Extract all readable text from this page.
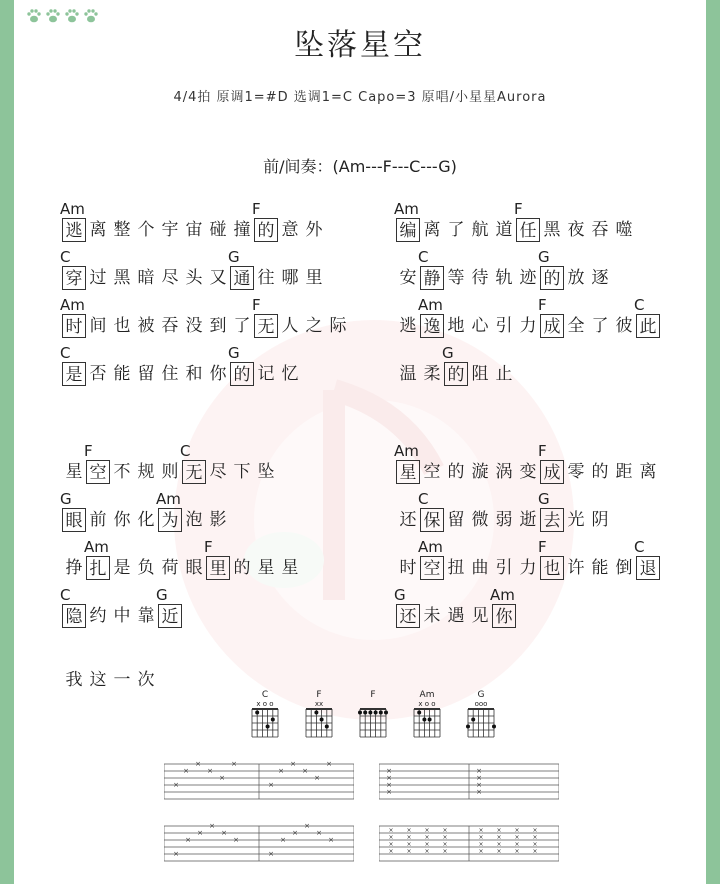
坠落星空
4/4拍 原调1=#D 选调1=C Capo=3 原唱/小星星Aurora
前/间奏：(Am---F---C---G)
Am	F
逃 离 整 个 宇 宙 碰 撞 的 意 外
C	G
穿 过 黑 暗 尽 头 又 通 往 哪 里
Am	F
时 间 也 被 吞 没 到 了 无 人 之 际
C	G
是 否 能 留 住 和 你 的 记 忆
F	C
星 空 不 规 则 无 尽 下 坠
G	Am
眼 前 你 化 为 泡 影
Am	F
挣 扎 是 负 荷 眼 里 的 星 星
C	G
隐 约 中 靠 近
我 这 一 次
Am	F
编 离 了 航 道 任 黑 夜 吞 噬
C	G
安 静 等 待 轨 迹 的 放 逐
Am	F	C
逃 逸 地 心 引 力 成 全 了 彼 此
G
温 柔 的 阻 止
Am	F
星 空 的 漩 涡 变 成 零 的 距 离
C	G
还 保 留 微 弱 逝 去 光 阴
Am	F	C
时 空 扭 曲 引 力 也 许 能 倒 退
G	Am
还 未 遇 见 你
C
x o o
F
xx
F	Am
x o o
G
ooo
×
×
×
×
×
×
×
×
×
×
×
×
×
×
×
×
×
×
×
×
×
×
×
×
×
×
×
×
×
×
×
×
×
×
×
×
×
×
×
×
×
×
×
×
×
×
×
×
×
×
×
×
×
×
×
×
×
×
×
×
×
×
×
×
